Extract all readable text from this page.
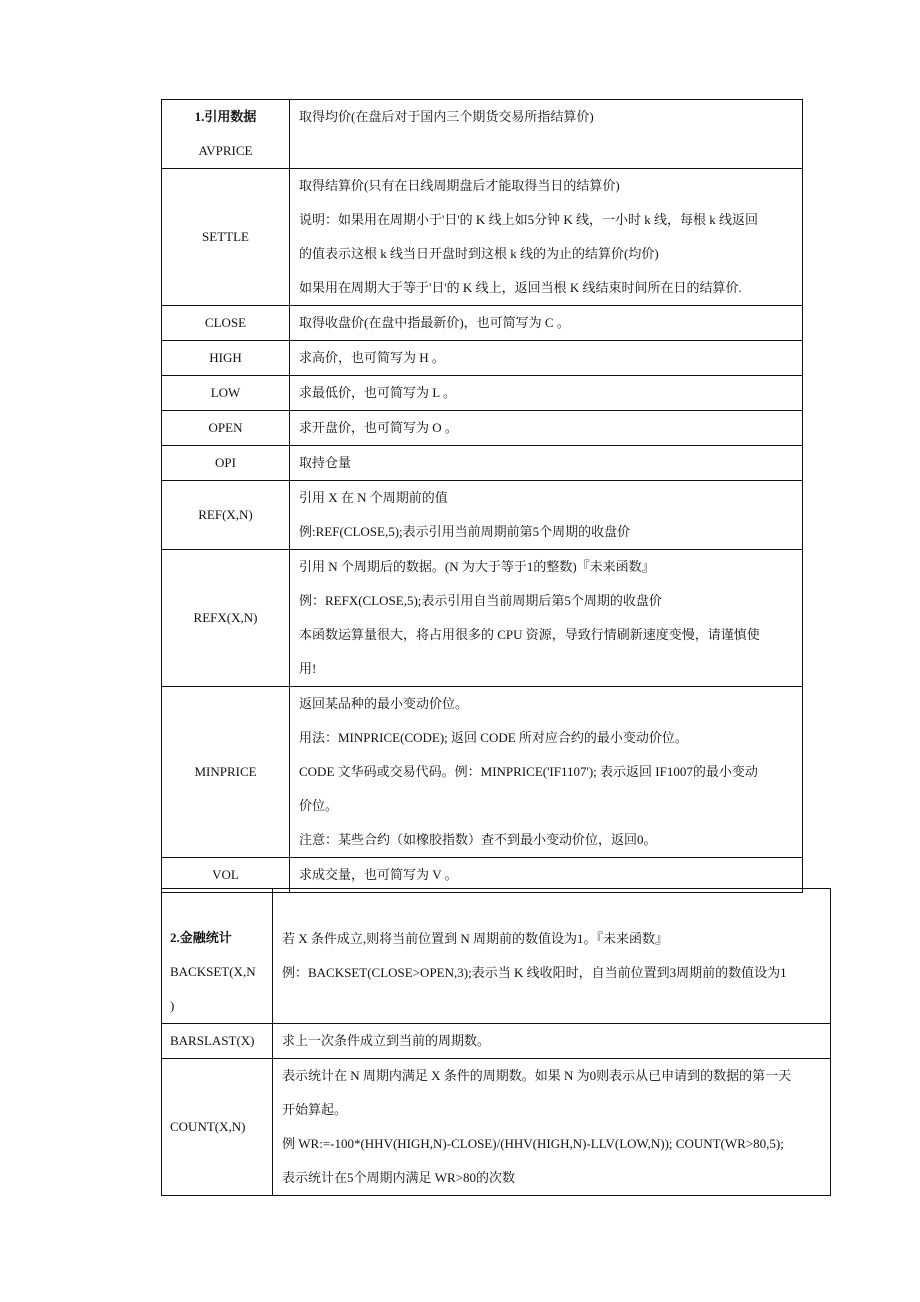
1.引用数据
AVPRICE	取得均价(在盘后对于国内三个期货交易所指结算价)

SETTLE	取得结算价(只有在日线周期盘后才能取得当日的结算价)
说明：如果用在周期小于'日'的 K 线上如5分钟 K 线，一小时 k 线，每根 k 线返回
的值表示这根 k 线当日开盘时到这根 k 线的为止的结算价(均价)
如果用在周期大于等于'日'的 K 线上，返回当根 K 线结束时间所在日的结算价.

CLOSE	取得收盘价(在盘中指最新价)，也可简写为 C 。

HIGH	求高价，也可简写为 H 。

LOW	求最低价，也可简写为 L 。

OPEN	求开盘价，也可简写为 O 。

OPI	取持仓量

REF(X,N)	引用 X 在 N 个周期前的值
例:REF(CLOSE,5);表示引用当前周期前第5个周期的收盘价

REFX(X,N)	引用 N 个周期后的数据。(N 为大于等于1的整数)『未来函数』
例：REFX(CLOSE,5);表示引用自当前周期后第5个周期的收盘价
本函数运算量很大，将占用很多的 CPU 资源，导致行情刷新速度变慢，请谨慎使
用!

MINPRICE	返回某品种的最小变动价位。
用法：MINPRICE(CODE); 返回 CODE 所对应合约的最小变动价位。
CODE 文华码或交易代码。例：MINPRICE('IF1107'); 表示返回 IF1007的最小变动
价位。
注意：某些合约（如橡胶指数）查不到最小变动价位，返回0。

VOL	求成交量，也可简写为 V 。
2.金融统计
BACKSET(X,N
)	若 X 条件成立,则将当前位置到 N 周期前的数值设为1。『未来函数』
例：BACKSET(CLOSE>OPEN,3);表示当 K 线收阳时，自当前位置到3周期前的数值设为1

BARSLAST(X)	求上一次条件成立到当前的周期数。

COUNT(X,N)	表示统计在 N 周期内满足 X 条件的周期数。如果 N 为0则表示从已申请到的数据的第一天
开始算起。
例 WR:=-100*(HHV(HIGH,N)-CLOSE)/(HHV(HIGH,N)-LLV(LOW,N)); COUNT(WR>80,5);
表示统计在5个周期内满足 WR>80的次数
